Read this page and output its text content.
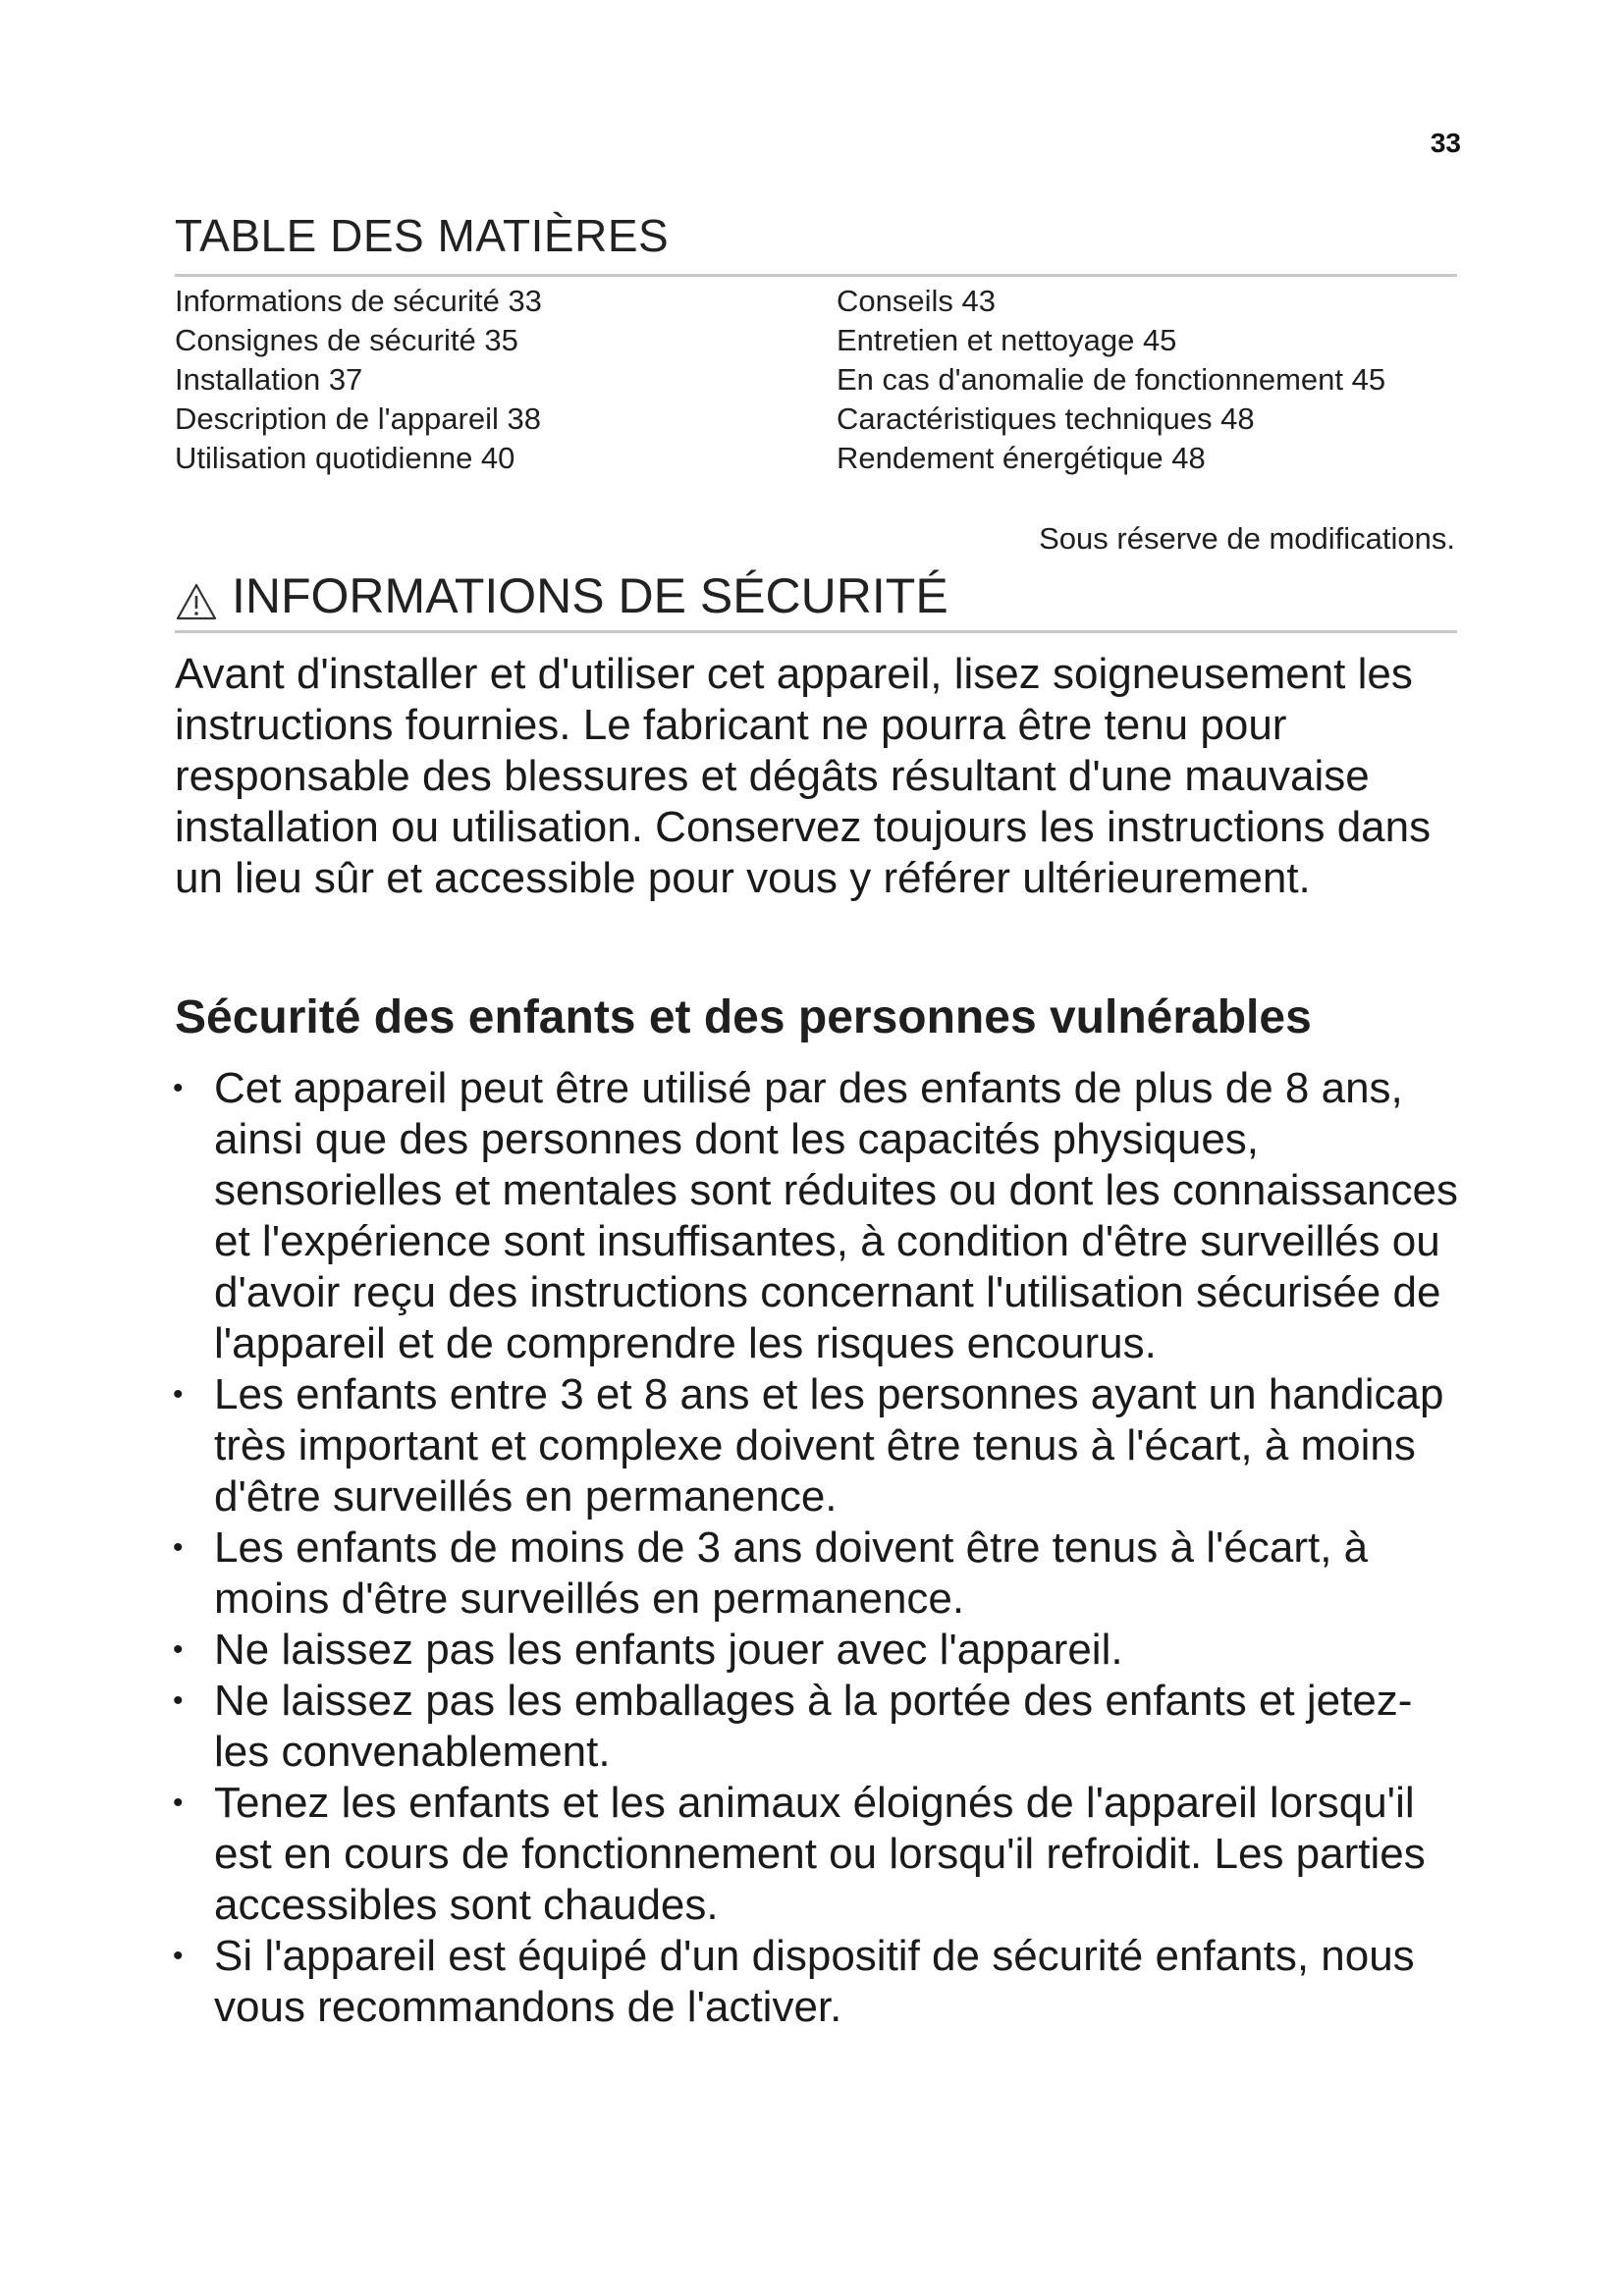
33
TABLE DES MATIÈRES
Informations de sécurité 33
Consignes de sécurité 35
Installation 37
Description de l'appareil 38
Utilisation quotidienne 40
Conseils 43
Entretien et nettoyage 45
En cas d'anomalie de fonctionnement 45
Caractéristiques techniques 48
Rendement énergétique 48
Sous réserve de modifications.
INFORMATIONS DE SÉCURITÉ

Avant d'installer et d'utiliser cet appareil, lisez soigneusement les instructions fournies. Le fabricant ne pourra être tenu pour responsable des blessures et dégâts résultant d'une mauvaise installation ou utilisation. Conservez toujours les instructions dans un lieu sûr et accessible pour vous y référer ultérieurement.

Sécurité des enfants et des personnes vulnérables
• Cet appareil peut être utilisé par des enfants de plus de 8 ans, ainsi que des personnes dont les capacités physiques, sensorielles et mentales sont réduites ou dont les connaissances et l'expérience sont insuffisantes, à condition d'être surveillés ou d'avoir reçu des instructions concernant l'utilisation sécurisée de l'appareil et de comprendre les risques encourus.
• Les enfants entre 3 et 8 ans et les personnes ayant un handicap très important et complexe doivent être tenus à l'écart, à moins d'être surveillés en permanence.
• Les enfants de moins de 3 ans doivent être tenus à l'écart, à moins d'être surveillés en permanence.
• Ne laissez pas les enfants jouer avec l'appareil.
• Ne laissez pas les emballages à la portée des enfants et jetez-les convenablement.
• Tenez les enfants et les animaux éloignés de l'appareil lorsqu'il est en cours de fonctionnement ou lorsqu'il refroidit. Les parties accessibles sont chaudes.
• Si l'appareil est équipé d'un dispositif de sécurité enfants, nous vous recommandons de l'activer.
